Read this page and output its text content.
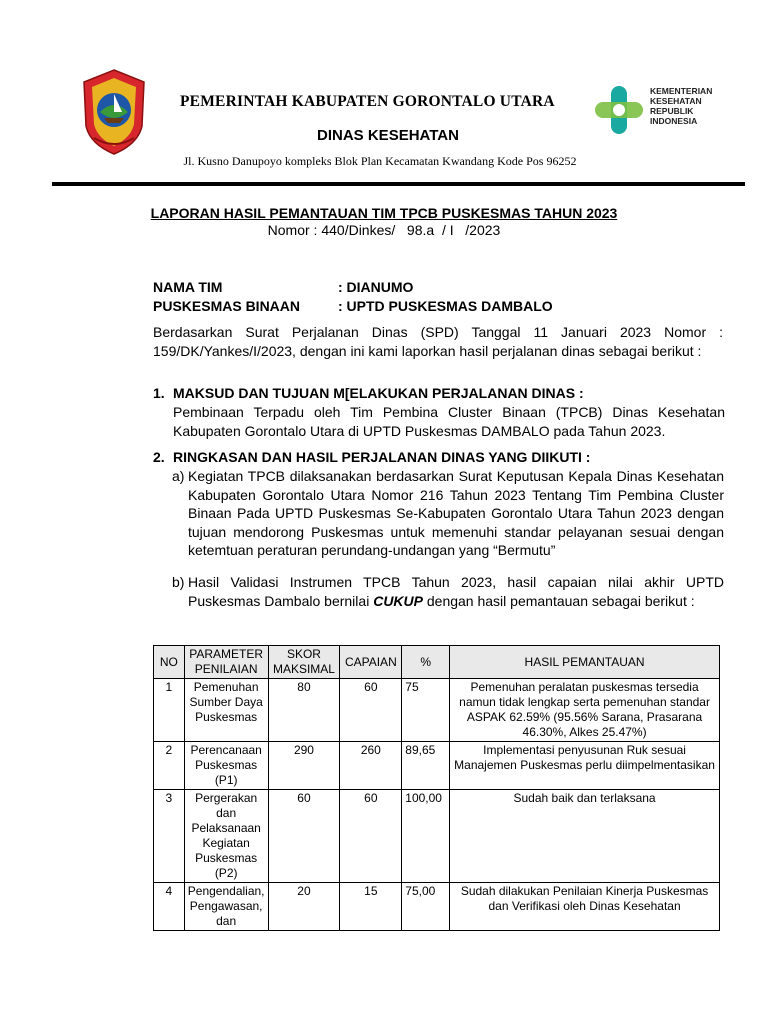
PEMERINTAH KABUPATEN GORONTALO UTARA
DINAS KESEHATAN
Jl. Kusno Danupoyo kompleks Blok Plan Kecamatan Kwandang Kode Pos 96252
KEMENTERIAN
KESEHATAN
REPUBLIK
INDONESIA
LAPORAN HASIL PEMANTAUAN TIM TPCB PUSKESMAS TAHUN 2023
Nomor : 440/Dinkes/   98.a  / I   /2023
NAMA TIM	: DIANUMO
PUSKESMAS BINAAN	: UPTD PUSKESMAS DAMBALO
Berdasarkan Surat Perjalanan Dinas (SPD) Tanggal 11 Januari 2023 Nomor : 159/DK/Yankes/I/2023, dengan ini kami laporkan hasil perjalanan dinas sebagai berikut :
1. MAKSUD DAN TUJUAN M[ELAKUKAN PERJALANAN DINAS :
Pembinaan Terpadu oleh Tim Pembina Cluster Binaan (TPCB) Dinas Kesehatan Kabupaten Gorontalo Utara di UPTD Puskesmas DAMBALO pada Tahun 2023.
2. RINGKASAN DAN HASIL PERJALANAN DINAS YANG DIIKUTI :
a) Kegiatan TPCB dilaksanakan berdasarkan Surat Keputusan Kepala Dinas Kesehatan Kabupaten Gorontalo Utara Nomor 216 Tahun 2023 Tentang Tim Pembina Cluster Binaan Pada UPTD Puskesmas Se-Kabupaten Gorontalo Utara Tahun 2023 dengan tujuan mendorong Puskesmas untuk memenuhi standar pelayanan sesuai dengan ketemtuan peraturan perundang-undangan yang “Bermutu”
b) Hasil Validasi Instrumen TPCB Tahun 2023, hasil capaian nilai akhir UPTD Puskesmas Dambalo bernilai CUKUP dengan hasil pemantauan sebagai berikut :
NO	PARAMETER PENILAIAN	SKOR MAKSIMAL	CAPAIAN	%	HASIL PEMANTAUAN
1	Pemenuhan Sumber Daya Puskesmas	80	60	75	Pemenuhan peralatan puskesmas tersedia namun tidak lengkap serta pemenuhan standar ASPAK 62.59% (95.56% Sarana, Prasarana 46.30%, Alkes 25.47%)
2	Perencanaan Puskesmas (P1)	290	260	89,65	Implementasi penyusunan Ruk sesuai Manajemen Puskesmas perlu diimpelmentasikan
3	Pergerakan dan Pelaksanaan Kegiatan Puskesmas (P2)	60	60	100,00	Sudah baik dan terlaksana
4	Pengendalian, Pengawasan, dan	20	15	75,00	Sudah dilakukan Penilaian Kinerja Puskesmas dan Verifikasi oleh Dinas Kesehatan
